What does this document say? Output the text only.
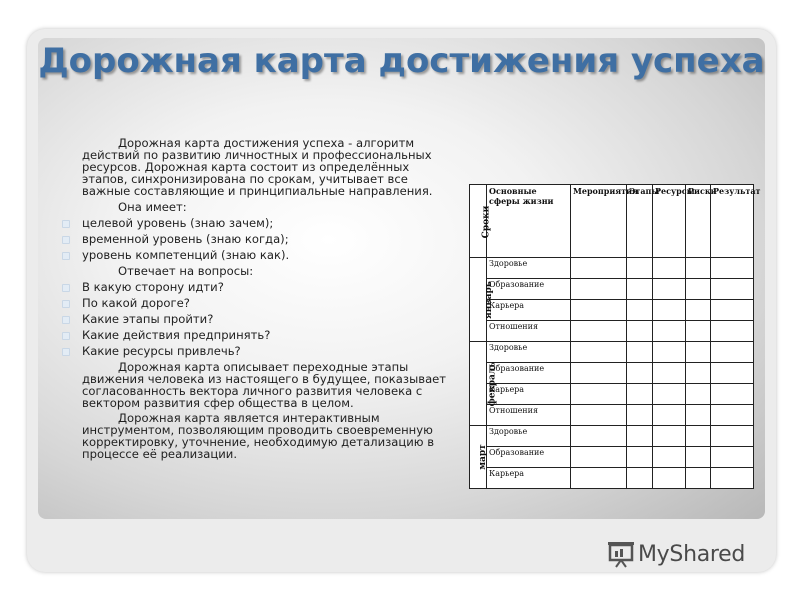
Дорожная карта достижения успеха

Дорожная карта достижения успеха - алгоритм действий по развитию личностных и профессиональных ресурсов. Дорожная карта состоит из определённых этапов, синхронизирована по срокам, учитывает все важные составляющие и принципиальные направления.

Она имеет:

целевой уровень (знаю зачем);
временной уровень (знаю когда);
уровень компетенций (знаю как).

Отвечает на вопросы:

В какую сторону идти?
По какой дороге?
Какие этапы пройти?
Какие действия предпринять?
Какие ресурсы привлечь?

Дорожная карта описывает переходные этапы движения человека из настоящего в будущее, показывает согласованность вектора личного развития человека с вектором развития сфер общества в целом.

Дорожная карта является интерактивным инструментом, позволяющим проводить своевременную корректировку, уточнение, необходимую детализацию в процессе её реализации.

Сроки	Основные сферы жизни	Мероприятия	Этапы	Ресурсы	Риски	Результат
январь	Здоровье					
	Образование					
	Карьера					
	Отношения					
февраль	Здоровье					
	Образование					
	Карьера					
	Отношения					
март	Здоровье					
	Образование					
	Карьера					
MyShared
